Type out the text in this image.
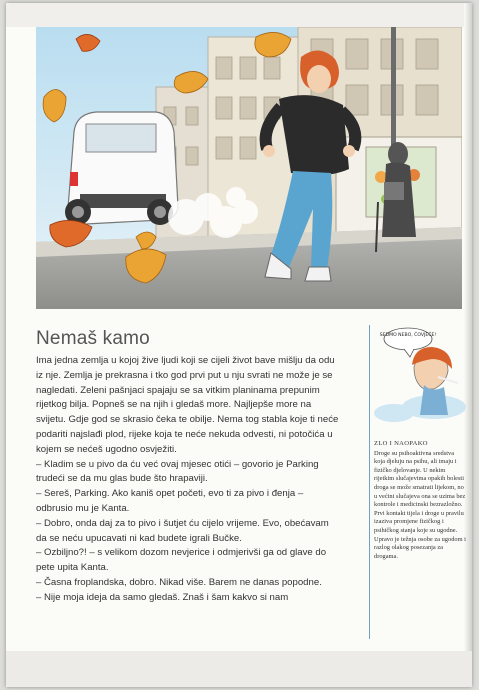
Nemaš kamo

Ima jedna zemlja u kojoj žive ljudi koji se cijeli život bave mišlju da odu iz nje. Zemlja je prekrasna i tko god prvi put u nju svrati ne može je se nagledati. Zeleni pašnjaci spajaju se sa vitkim planinama prepunim rijetkog bilja. Popneš se na njih i gledaš more. Najljepše more na svijetu. Gdje god se skrasio čeka te obilje. Nema tog stabla koje ti neće podariti najslađi plod, rijeke koja te neće nekuda odvesti, ni potočića u kojem se nećeš ugodno osvježiti.

– Kladim se u pivo da ću već ovaj mjesec otići – govorio je Parking trudeći se da mu glas bude što hrapaviji.

– Sereš, Parking. Ako kaniš opet početi, evo ti za pivo i đenja – odbrusio mu je Kanta.

– Dobro, onda daj za to pivo i šutjet ću cijelo vrijeme. Evo, obećavam da se neću upucavati ni kad budete igrali Bučke.

– Ozbiljno?! – s velikom dozom nevjerice i odmjerivši ga od glave do pete upita Kanta.

– Časna froplandska, dobro. Nikad više. Barem ne danas popodne.

– Nije moja ideja da samo gledaš. Znaš i šam kakvo si nam

SEDMO NEBO, ČOVJEČE!
ZLO I NAOPAKO

Droge su psihoaktivna sredstva koja djeluju na psihu, ali imaju i fizičko djelovanje. U nekim rijetkim slučajevima opakih bolesti droga se može smatrati lijekom, no u većini slučajeva ona se uzima bez kontrole i medicinski bezrazložno.

Prvi kontakt tijela i droge u pravilu izaziva promjene fizičkog i psihičkog stanja koje su ugodne. Upravo je težnja osobe za ugodom i razlog olakog posezanja za drogama.
